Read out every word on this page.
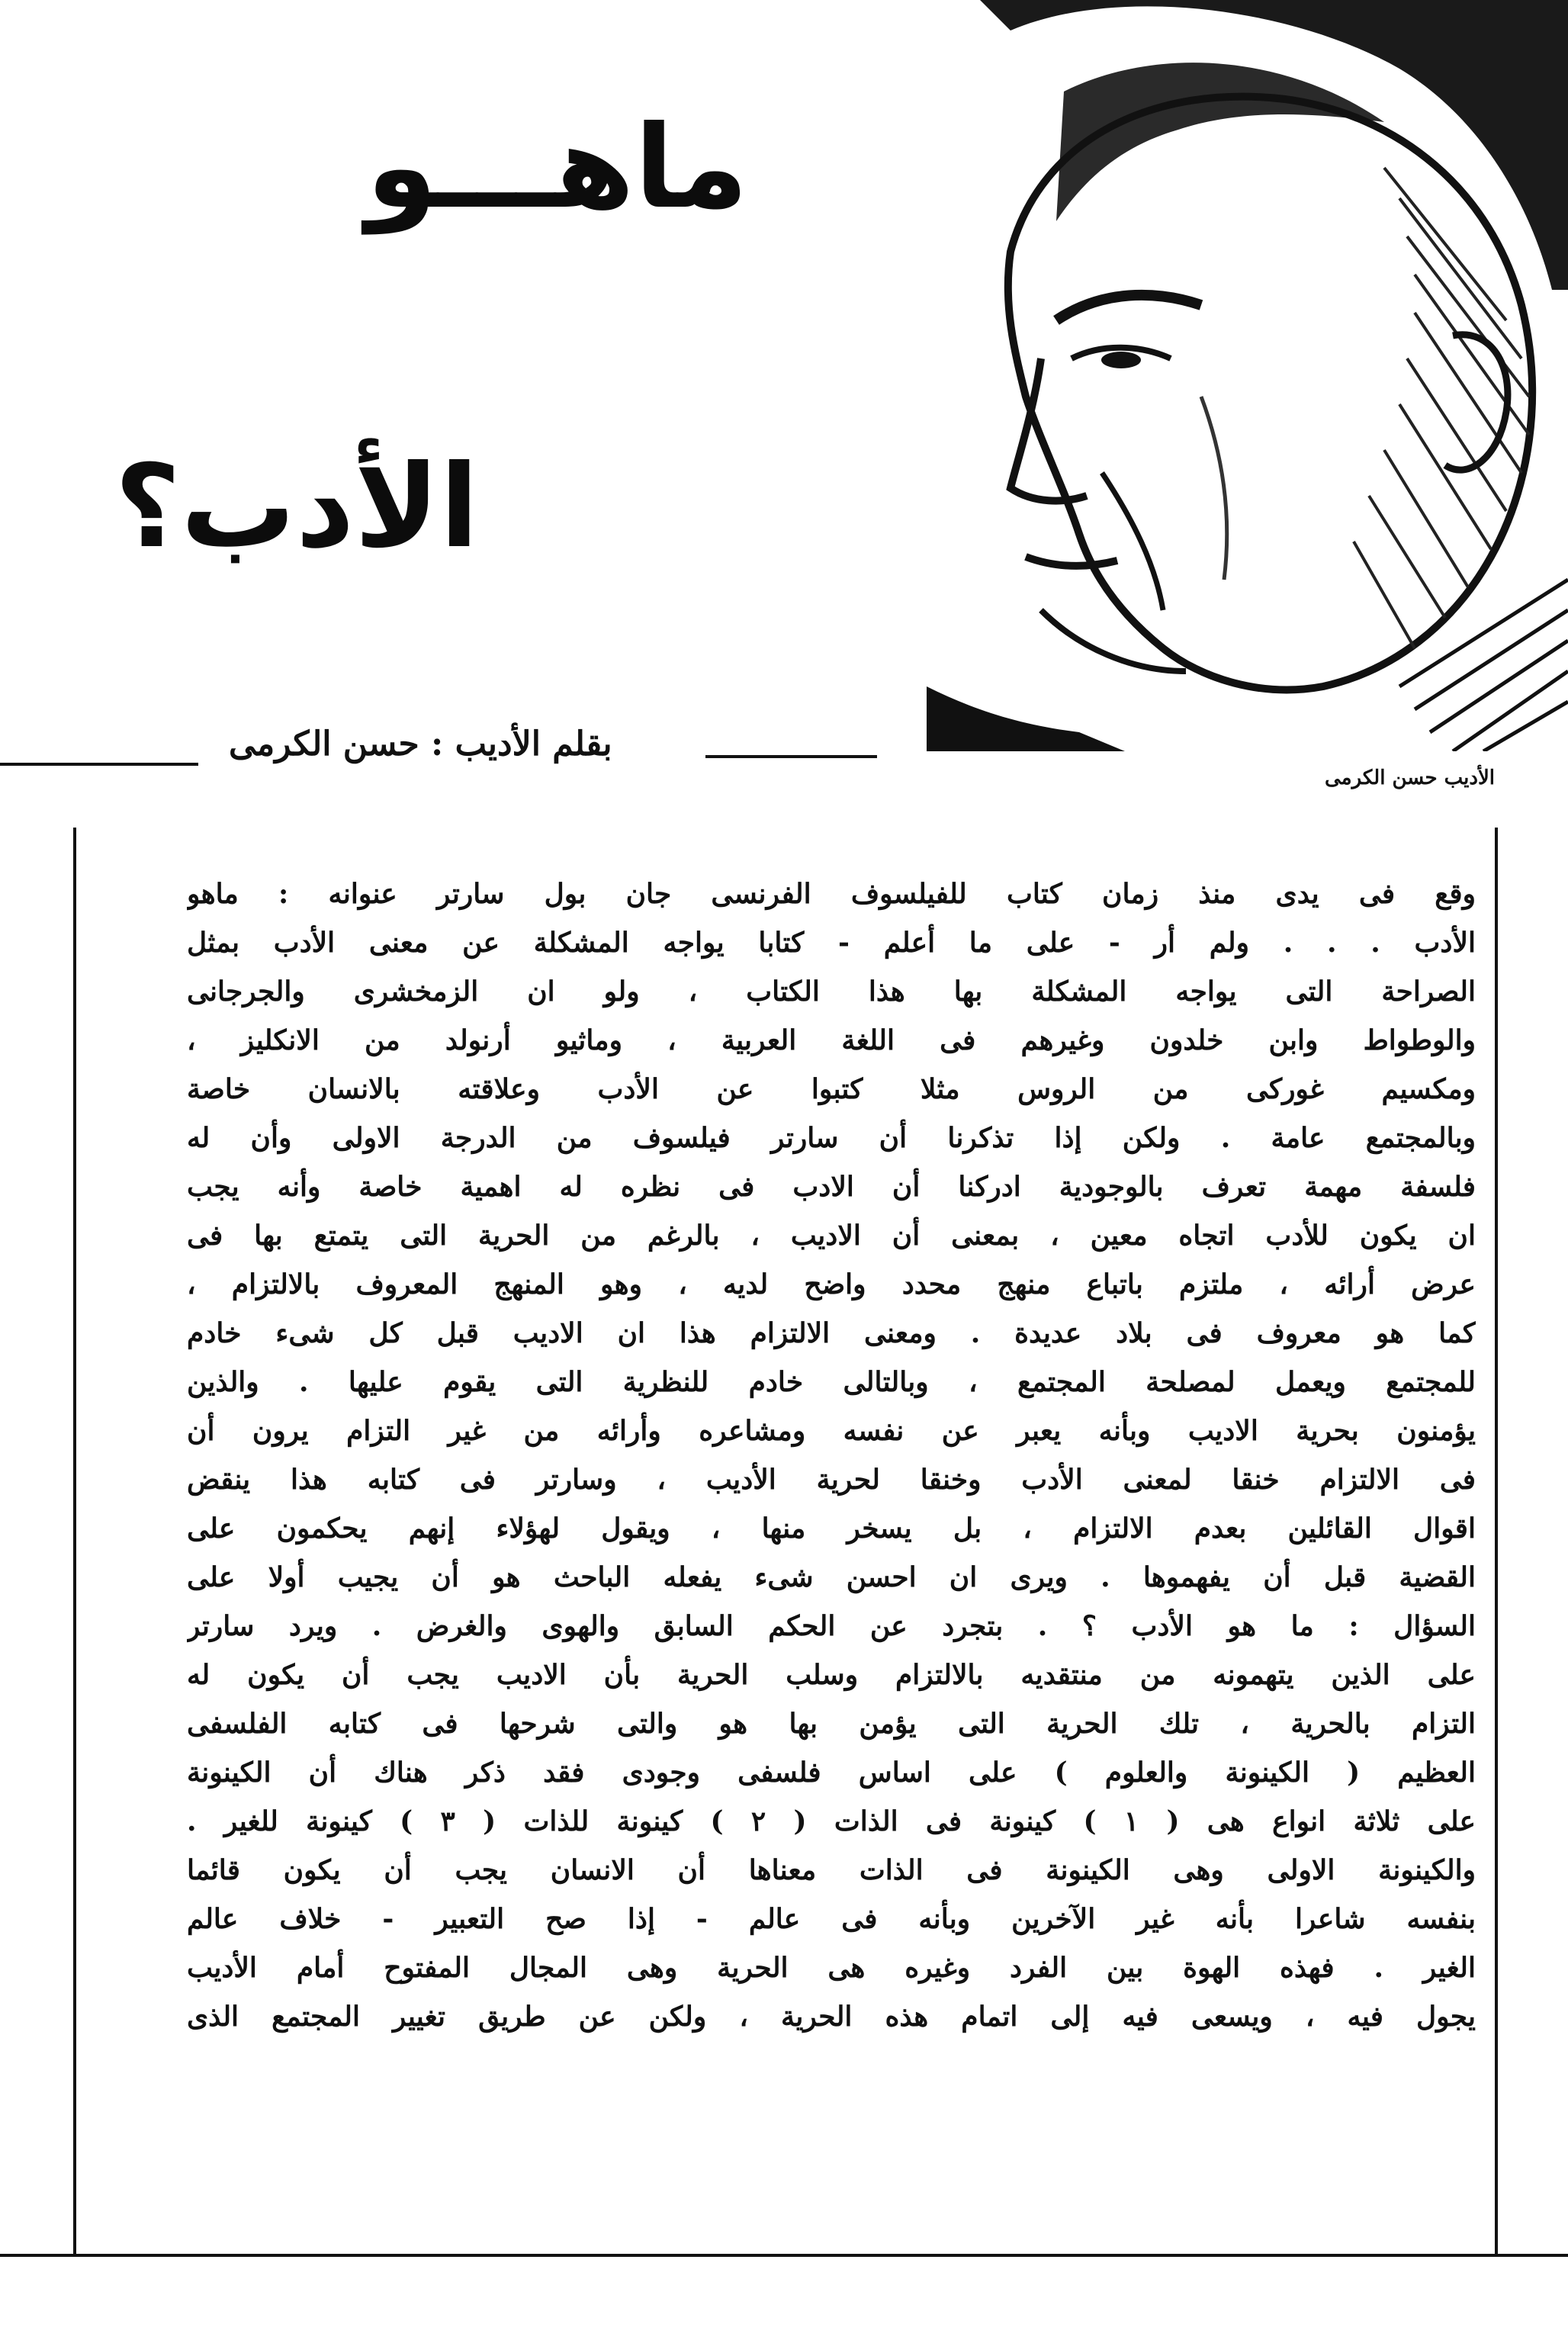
ماهـــو
الأدب؟
الأديب حسن الكرمى
بقلم الأديب : حسن الكرمى
وقع فى يدى منذ زمان كتاب للفيلسوف الفرنسى جان بول سارتر عنوانه : ماهو
الأدب . . . ولم أر - على ما أعلم - كتابا يواجه المشكلة عن معنى الأدب بمثل
الصراحة التى يواجه المشكلة بها هذا الكتاب ، ولو ان الزمخشرى والجرجانى
والوطواط وابن خلدون وغيرهم فى اللغة العربية ، وماثيو أرنولد من الانكليز ،
ومكسيم غوركى من الروس مثلا كتبوا عن الأدب وعلاقته بالانسان خاصة
وبالمجتمع عامة . ولكن إذا تذكرنا أن سارتر فيلسوف من الدرجة الاولى وأن له
فلسفة مهمة تعرف بالوجودية ادركنا أن الادب فى نظره له اهمية خاصة وأنه يجب
ان يكون للأدب اتجاه معين ، بمعنى أن الاديب ، بالرغم من الحرية التى يتمتع بها فى
عرض أرائه ، ملتزم باتباع منهج محدد واضح لديه ، وهو المنهج المعروف بالالتزام ،
كما هو معروف فى بلاد عديدة . ومعنى الالتزام هذا ان الاديب قبل كل شىء خادم
للمجتمع ويعمل لمصلحة المجتمع ، وبالتالى خادم للنظرية التى يقوم عليها . والذين
يؤمنون بحرية الاديب وبأنه يعبر عن نفسه ومشاعره وأرائه من غير التزام يرون أن
فى الالتزام خنقا لمعنى الأدب وخنقا لحرية الأديب ، وسارتر فى كتابه هذا ينقض
اقوال القائلين بعدم الالتزام ، بل يسخر منها ، ويقول لهؤلاء إنهم يحكمون على
القضية قبل أن يفهموها . ويرى ان احسن شىء يفعله الباحث هو أن يجيب أولا على
السؤال : ما هو الأدب ؟ . بتجرد عن الحكم السابق والهوى والغرض . ويرد سارتر
على الذين يتهمونه من منتقديه بالالتزام وسلب الحرية بأن الاديب يجب أن يكون له
التزام بالحرية ، تلك الحرية التى يؤمن بها هو والتى شرحها فى كتابه الفلسفى
العظيم ( الكينونة والعلوم ) على اساس فلسفى وجودى فقد ذكر هناك أن الكينونة
على ثلاثة انواع هى ( ١ ) كينونة فى الذات ( ٢ ) كينونة للذات ( ٣ ) كينونة للغير .
والكينونة الاولى وهى الكينونة فى الذات معناها أن الانسان يجب أن يكون قائما
بنفسه شاعرا بأنه غير الآخرين وبأنه فى عالم - إذا صح التعبير - خلاف عالم
الغير . فهذه الهوة بين الفرد وغيره هى الحرية وهى المجال المفتوح أمام الأديب
يجول فيه ، ويسعى فيه إلى اتمام هذه الحرية ، ولكن عن طريق تغيير المجتمع الذى
